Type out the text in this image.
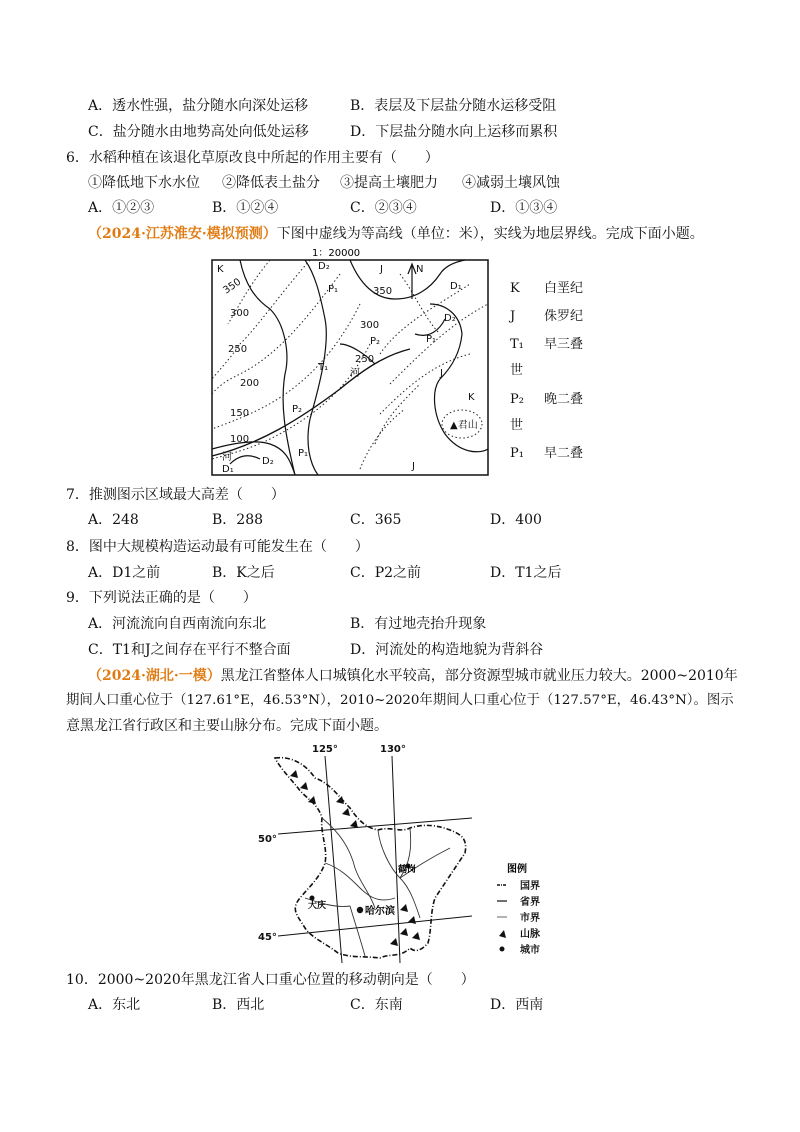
A．透水性强，盐分随水向深处运移	B．表层及下层盐分随水运移受阻
C．盐分随水由地势高处向低处运移	D．下层盐分随水向上运移而累积
6．水稻种植在该退化草原改良中所起的作用主要有（　　）
①降低地下水水位 ②降低表土盐分 ③提高土壤肥力 ④减弱土壤风蚀
A．①②③	B．①②④	C．②③④	D．①③④
（2024·江苏淮安·模拟预测）下图中虚线为等高线（单位：米），实线为地层界线。完成下面小题。
1：20000
K	D₂	J	N
D₁
P₁	350
350
D₂
300
300
P₁
P₂
250
250
T₁
河	J
200
K
P₂
150
▲君山
100
P₁
D₂
河
D₁	J
K 白垩纪
J 侏罗纪
T₁ 早三叠
世
P₂ 晚二叠
世
P₁ 早二叠
7．推测图示区域最大高差（　　）
A．248	B．288	C．365	D．400
8．图中大规模构造运动最有可能发生在（　　）
A．D1之前	B．K之后	C．P2之前	D．T1之后
9．下列说法正确的是（　　）
A．河流流向自西南流向东北	B．有过地壳抬升现象
C．T1和J之间存在平行不整合面	D．河流处的构造地貌为背斜谷
（2024·湖北·一模）黑龙江省整体人口城镇化水平较高，部分资源型城市就业压力较大。2000~2010年
期间人口重心位于（127.61°E，46.53°N），2010~2020年期间人口重心位于（127.57°E，46.43°N）。图示
意黑龙江省行政区和主要山脉分布。完成下面小题。
125°	130°
50°
45°
哈尔滨
大庆
鹤岗	图例
国界
省界
市界
山脉
城市
10．2000~2020年黑龙江省人口重心位置的移动朝向是（　　）
A．东北	B．西北	C．东南	D．西南
